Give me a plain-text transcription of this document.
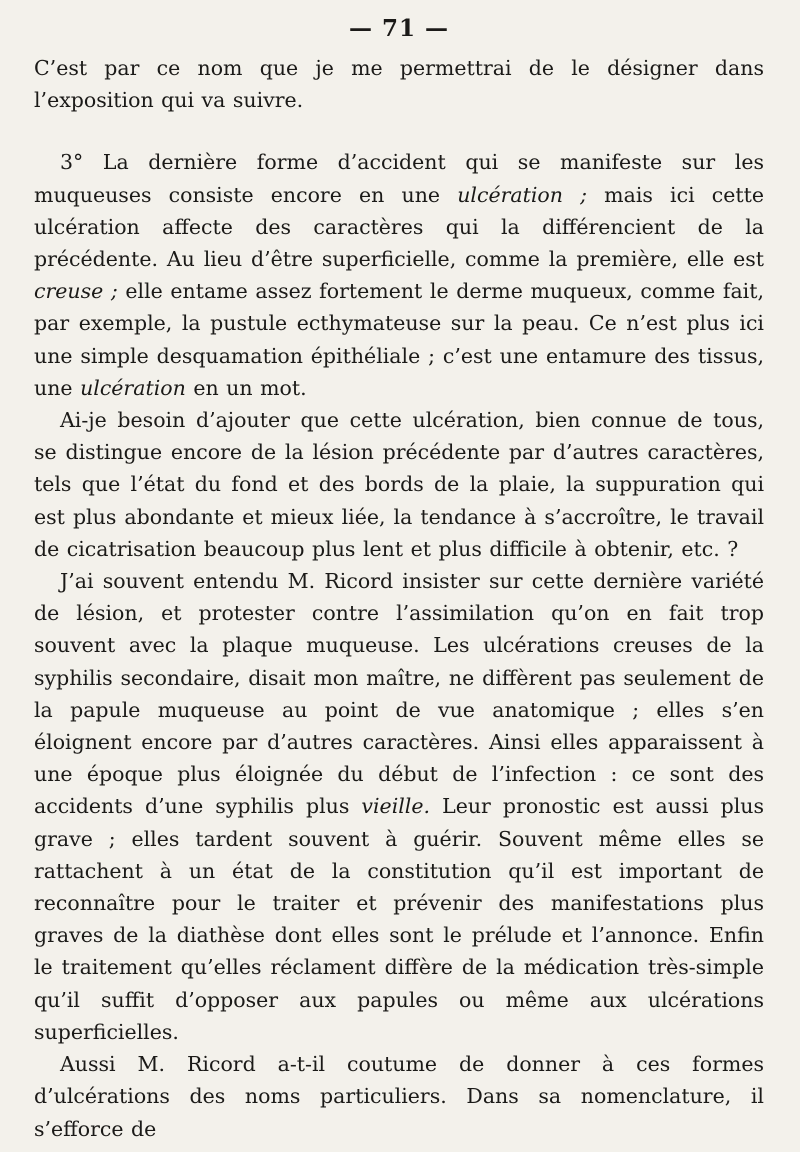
— 71 —

C’est par ce nom que je me permettrai de le désigner dans l’exposition qui va suivre.

3° La dernière forme d’accident qui se manifeste sur les muqueuses consiste encore en une ulcération ; mais ici cette ulcération affecte des caractères qui la différencient de la précédente. Au lieu d’être superficielle, comme la première, elle est creuse ; elle entame assez fortement le derme muqueux, comme fait, par exemple, la pustule ecthymateuse sur la peau. Ce n’est plus ici une simple desquamation épithéliale ; c’est une entamure des tissus, une ulcération en un mot.

Ai-je besoin d’ajouter que cette ulcération, bien connue de tous, se distingue encore de la lésion précédente par d’autres caractères, tels que l’état du fond et des bords de la plaie, la suppuration qui est plus abondante et mieux liée, la tendance à s’accroître, le travail de cicatrisation beaucoup plus lent et plus difficile à obtenir, etc. ?

J’ai souvent entendu M. Ricord insister sur cette dernière variété de lésion, et protester contre l’assimilation qu’on en fait trop souvent avec la plaque muqueuse. Les ulcérations creuses de la syphilis secondaire, disait mon maître, ne diffèrent pas seulement de la papule muqueuse au point de vue anatomique ; elles s’en éloignent encore par d’autres caractères. Ainsi elles apparaissent à une époque plus éloignée du début de l’infection : ce sont des accidents d’une syphilis plus vieille. Leur pronostic est aussi plus grave ; elles tardent souvent à guérir. Souvent même elles se rattachent à un état de la constitution qu’il est important de reconnaître pour le traiter et prévenir des manifestations plus graves de la diathèse dont elles sont le prélude et l’annonce. Enfin le traitement qu’elles réclament diffère de la médication très-simple qu’il suffit d’opposer aux papules ou même aux ulcérations superficielles.

Aussi M. Ricord a-t-il coutume de donner à ces formes d’ulcérations des noms particuliers. Dans sa nomenclature, il s’efforce de
